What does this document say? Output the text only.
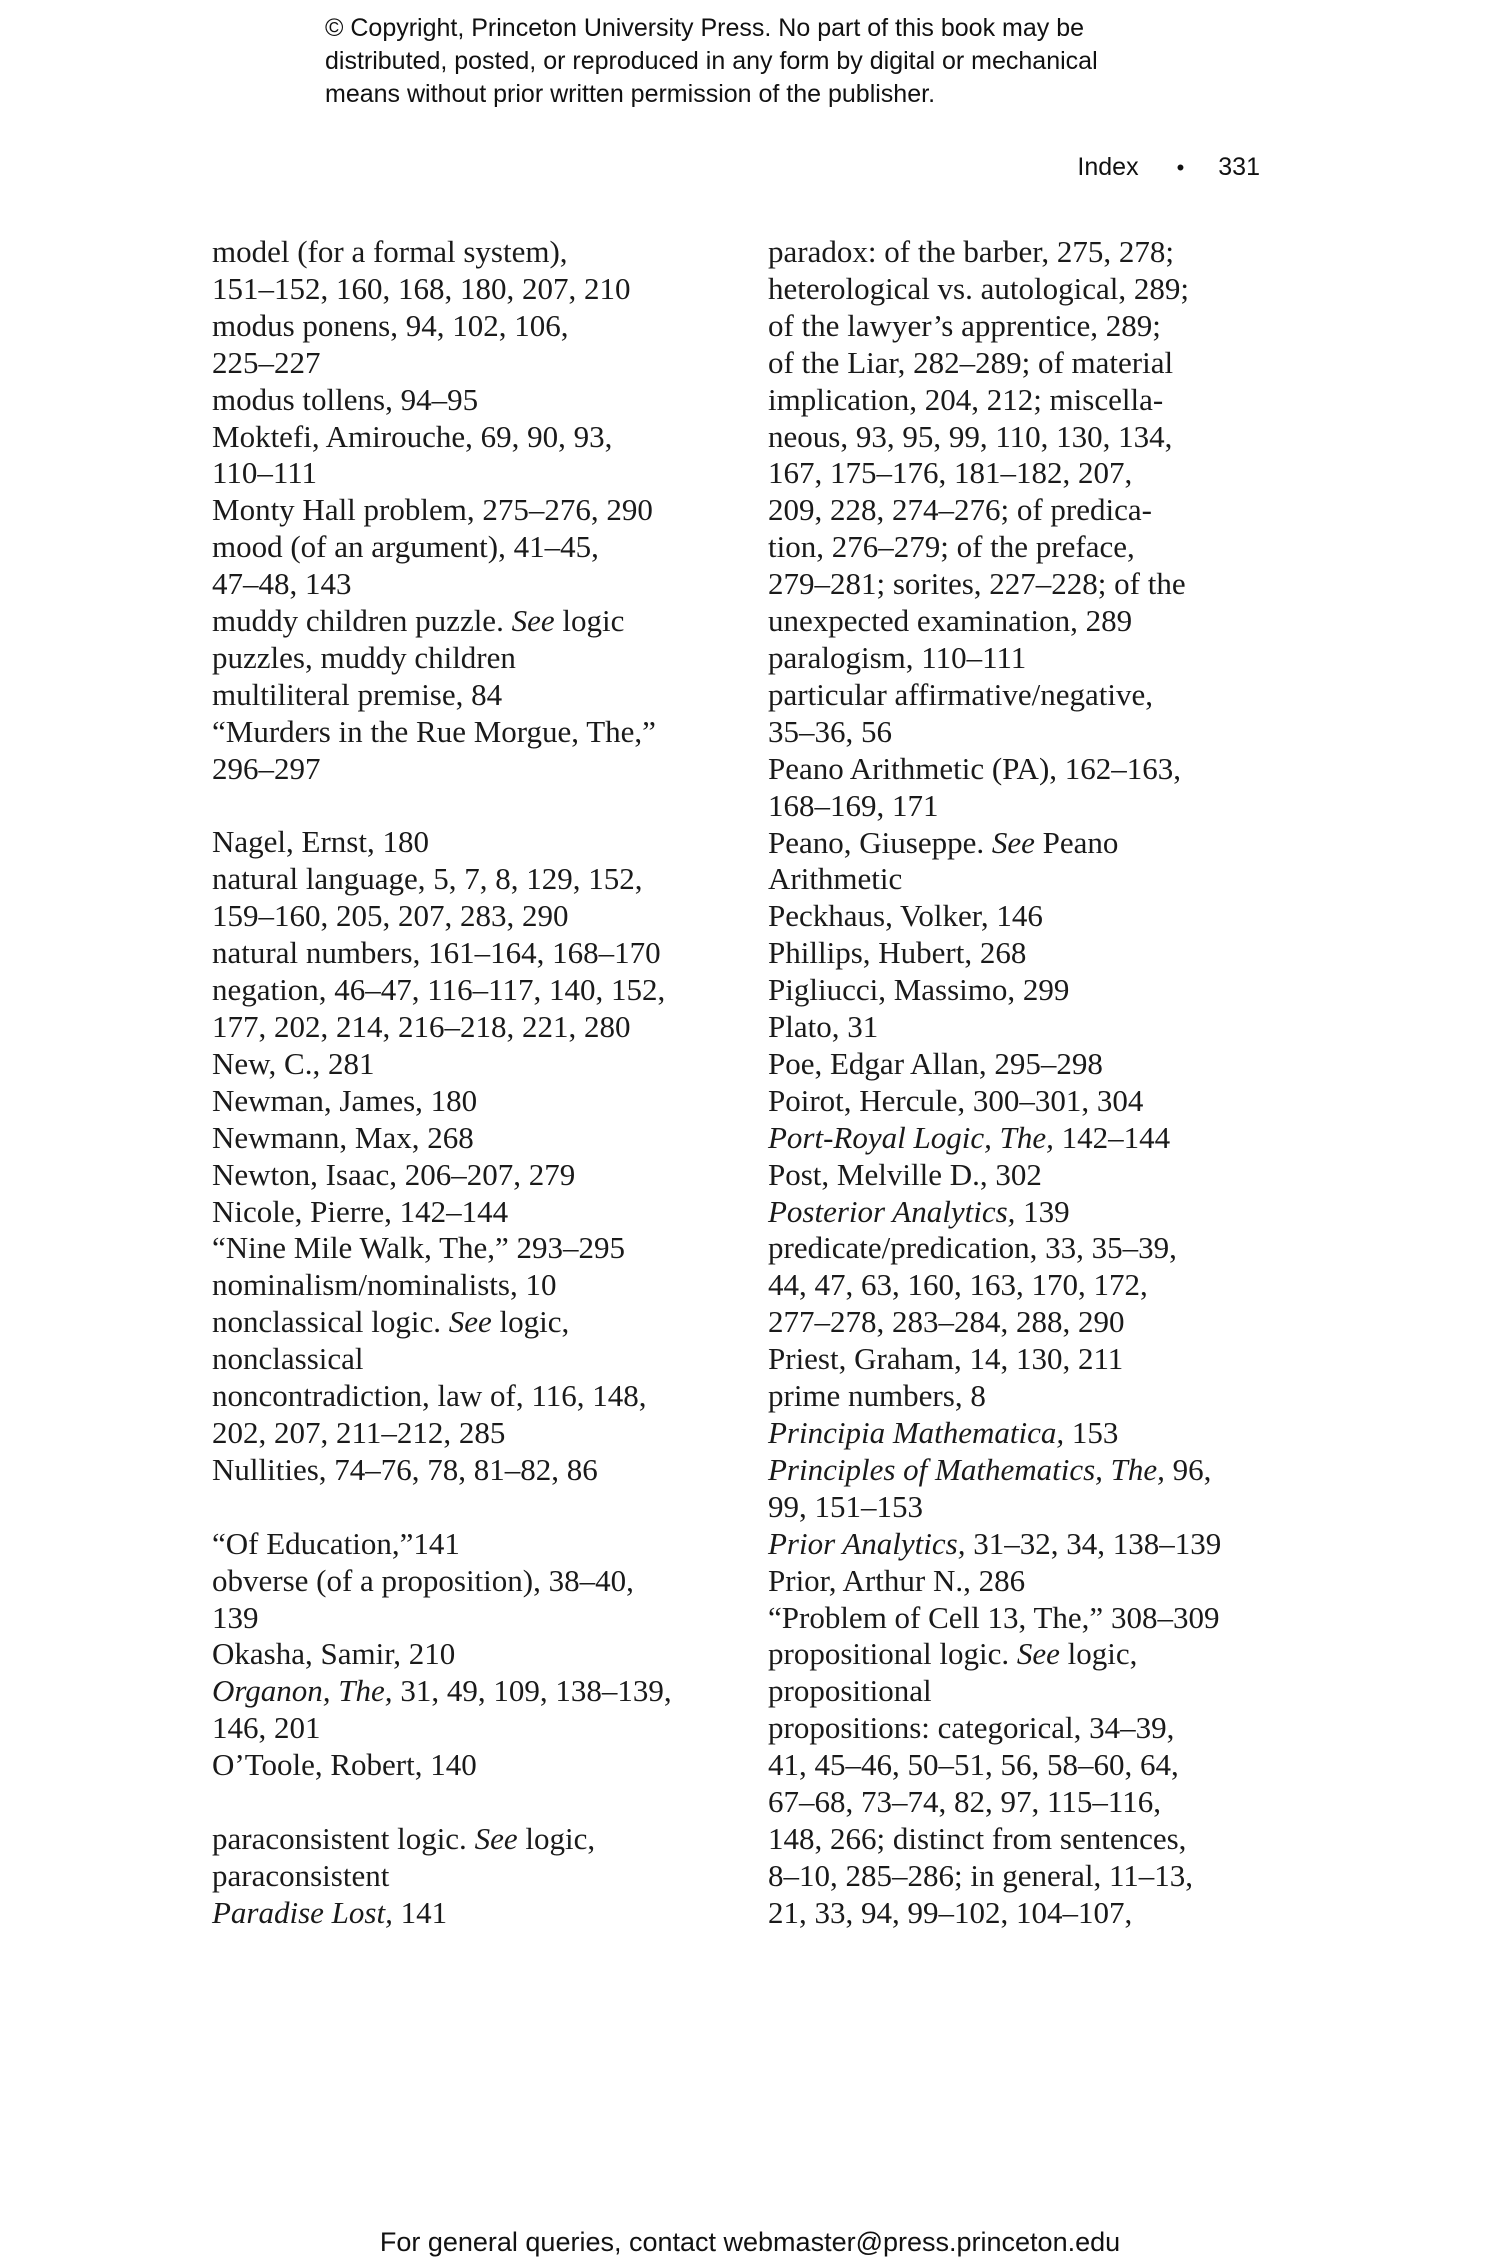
© Copyright, Princeton University Press. No part of this book may be
distributed, posted, or reproduced in any form by digital or mechanical
means without prior written permission of the publisher.
Index • 331
model (for a formal system),
151–152, 160, 168, 180, 207, 210
modus ponens, 94, 102, 106,
225–227
modus tollens, 94–95
Moktefi, Amirouche, 69, 90, 93,
110–111
Monty Hall problem, 275–276, 290
mood (of an argument), 41–45,
47–48, 143
muddy children puzzle. See logic
puzzles, muddy children
multiliteral premise, 84
“Murders in the Rue Morgue, The,”
296–297
Nagel, Ernst, 180
natural language, 5, 7, 8, 129, 152,
159–160, 205, 207, 283, 290
natural numbers, 161–164, 168–170
negation, 46–47, 116–117, 140, 152,
177, 202, 214, 216–218, 221, 280
New, C., 281
Newman, James, 180
Newmann, Max, 268
Newton, Isaac, 206–207, 279
Nicole, Pierre, 142–144
“Nine Mile Walk, The,” 293–295
nominalism/nominalists, 10
nonclassical logic. See logic,
nonclassical
noncontradiction, law of, 116, 148,
202, 207, 211–212, 285
Nullities, 74–76, 78, 81–82, 86
“Of Education,”141
obverse (of a proposition), 38–40,
139
Okasha, Samir, 210
Organon, The, 31, 49, 109, 138–139,
146, 201
O’Toole, Robert, 140
paraconsistent logic. See logic,
paraconsistent
Paradise Lost, 141
paradox: of the barber, 275, 278;
heterological vs. autological, 289;
of the lawyer’s apprentice, 289;
of the Liar, 282–289; of material
implication, 204, 212; miscella-
neous, 93, 95, 99, 110, 130, 134,
167, 175–176, 181–182, 207,
209, 228, 274–276; of predica-
tion, 276–279; of the preface,
279–281; sorites, 227–228; of the
unexpected examination, 289
paralogism, 110–111
particular affirmative/negative,
35–36, 56
Peano Arithmetic (PA), 162–163,
168–169, 171
Peano, Giuseppe. See Peano
Arithmetic
Peckhaus, Volker, 146
Phillips, Hubert, 268
Pigliucci, Massimo, 299
Plato, 31
Poe, Edgar Allan, 295–298
Poirot, Hercule, 300–301, 304
Port-Royal Logic, The, 142–144
Post, Melville D., 302
Posterior Analytics, 139
predicate/predication, 33, 35–39,
44, 47, 63, 160, 163, 170, 172,
277–278, 283–284, 288, 290
Priest, Graham, 14, 130, 211
prime numbers, 8
Principia Mathematica, 153
Principles of Mathematics, The, 96,
99, 151–153
Prior Analytics, 31–32, 34, 138–139
Prior, Arthur N., 286
“Problem of Cell 13, The,” 308–309
propositional logic. See logic,
propositional
propositions: categorical, 34–39,
41, 45–46, 50–51, 56, 58–60, 64,
67–68, 73–74, 82, 97, 115–116,
148, 266; distinct from sentences,
8–10, 285–286; in general, 11–13,
21, 33, 94, 99–102, 104–107,
For general queries, contact webmaster@press.princeton.edu
